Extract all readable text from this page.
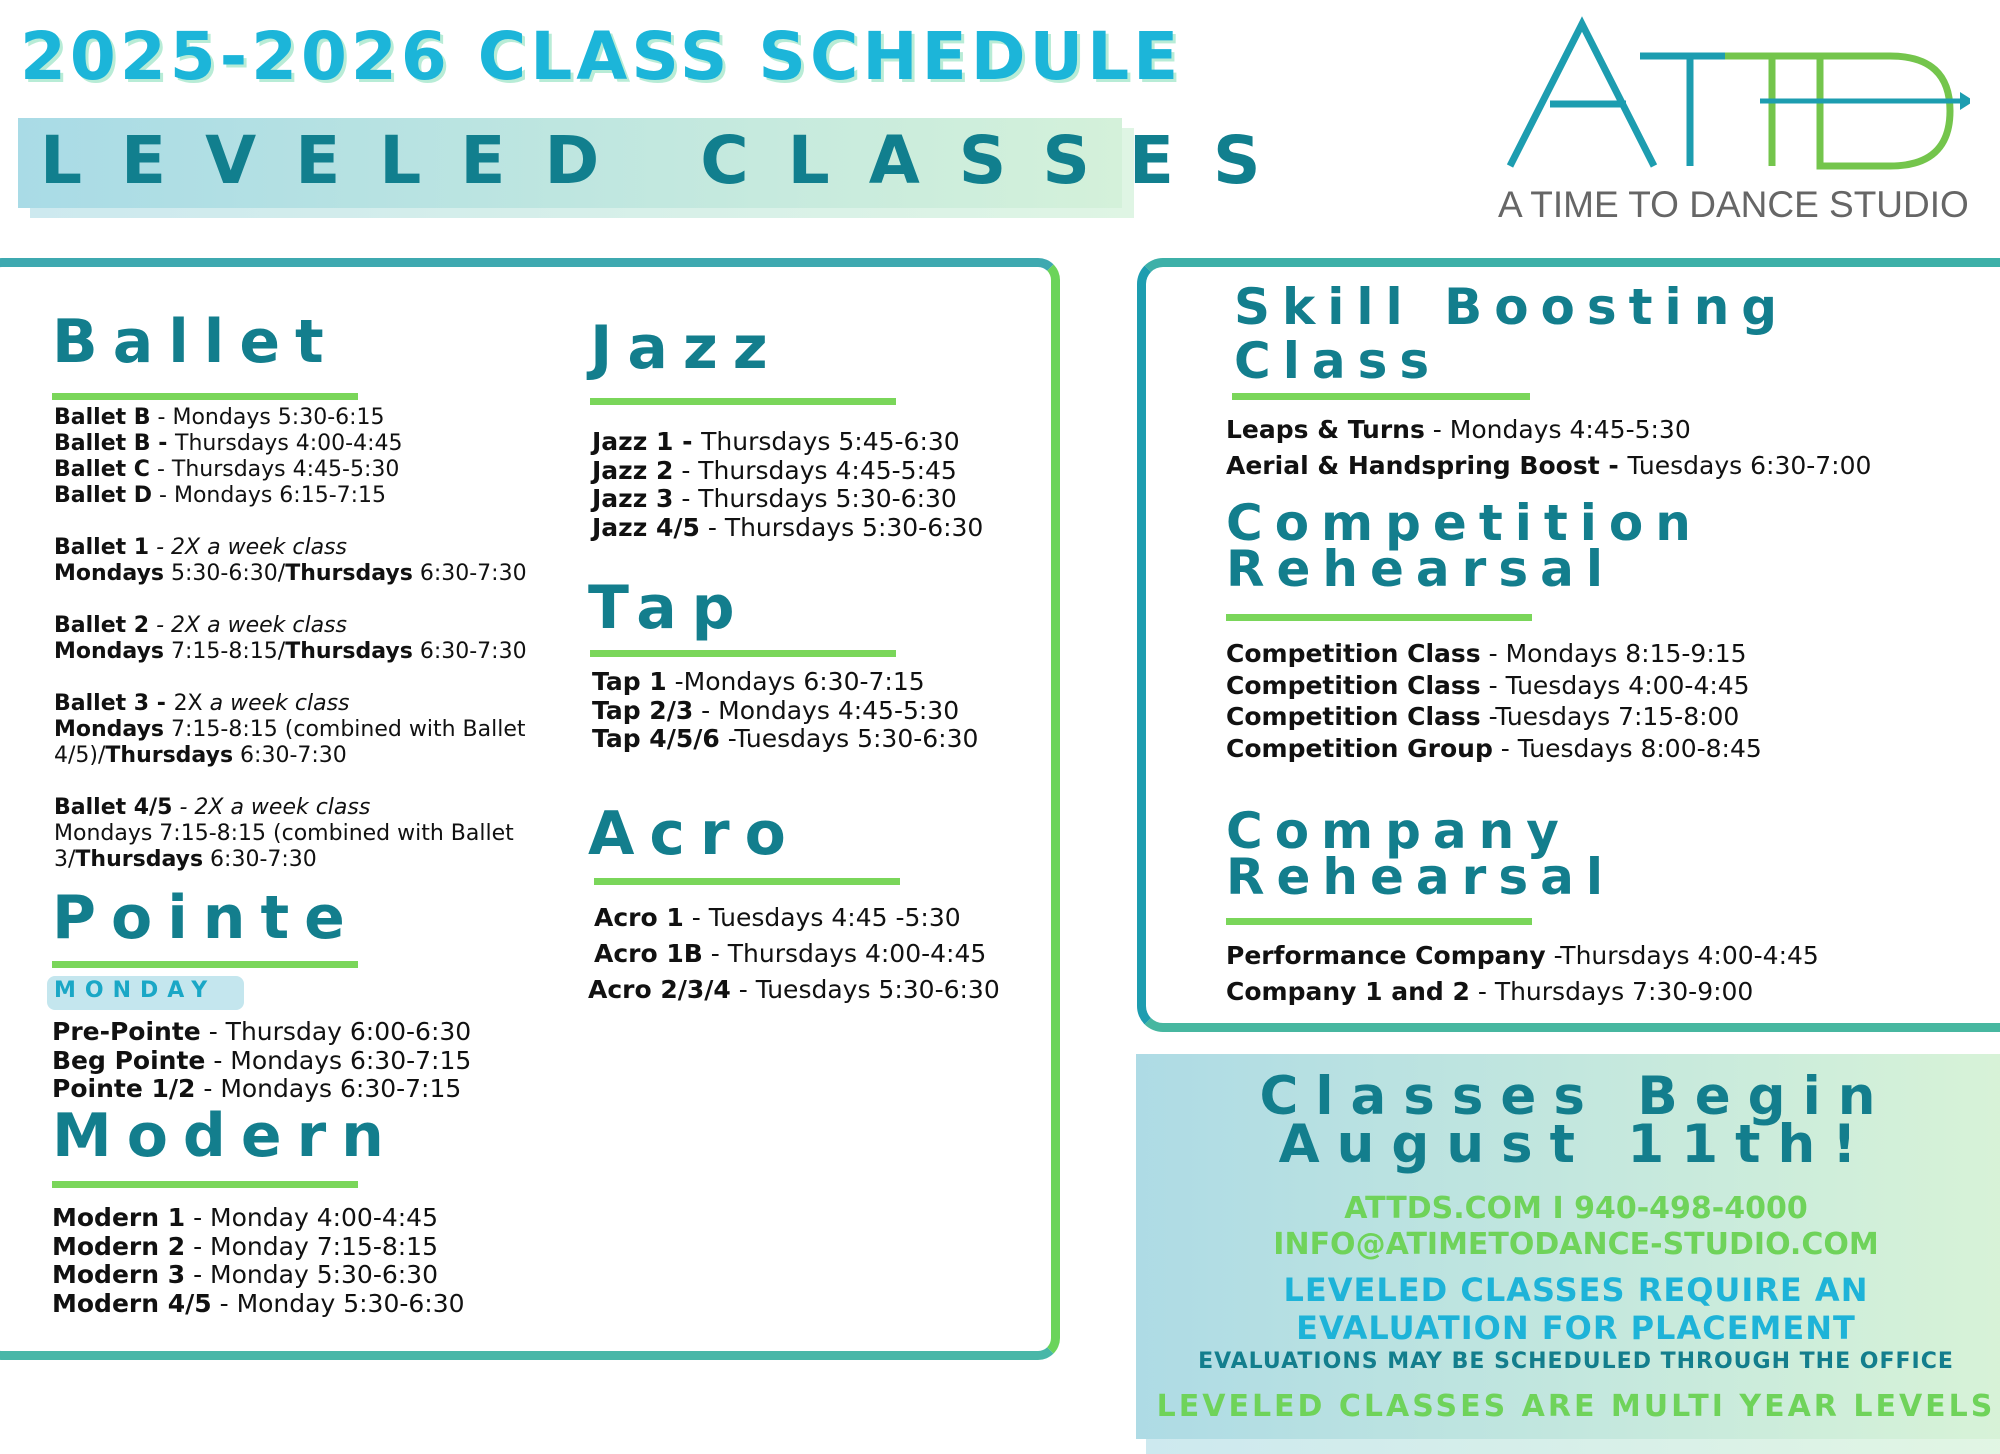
2025-2026 CLASS SCHEDULE
LEVELED CLASSES
A TIME TO DANCE STUDIO
Ballet
Ballet B - Mondays 5:30-6:15
Ballet B - Thursdays 4:00-4:45
Ballet C - Thursdays 4:45-5:30
Ballet D - Mondays 6:15-7:15
Ballet 1 - 2X a week class
Mondays 5:30-6:30/Thursdays 6:30-7:30
Ballet 2 - 2X a week class
Mondays 7:15-8:15/Thursdays 6:30-7:30
Ballet 3 - 2X a week class
Mondays 7:15-8:15 (combined with Ballet
4/5)/Thursdays 6:30-7:30
Ballet 4/5 - 2X a week class
Mondays 7:15-8:15 (combined with Ballet
3/Thursdays 6:30-7:30
Pointe
MONDAY
Pre-Pointe - Thursday 6:00-6:30
Beg Pointe - Mondays 6:30-7:15
Pointe 1/2 - Mondays 6:30-7:15
Modern
Modern 1 - Monday 4:00-4:45
Modern 2 - Monday 7:15-8:15
Modern 3 - Monday 5:30-6:30
Modern 4/5 - Monday 5:30-6:30
Jazz
Jazz 1 - Thursdays 5:45-6:30
Jazz 2 - Thursdays 4:45-5:45
Jazz 3 - Thursdays 5:30-6:30
Jazz 4/5 - Thursdays 5:30-6:30
Tap
Tap 1 -Mondays 6:30-7:15
Tap 2/3 - Mondays 4:45-5:30
Tap 4/5/6 -Tuesdays 5:30-6:30
Acro
Acro 1 - Tuesdays 4:45 -5:30
Acro 1B - Thursdays 4:00-4:45
Acro 2/3/4 - Tuesdays 5:30-6:30
Skill Boosting
Class
Leaps & Turns - Mondays 4:45-5:30
Aerial & Handspring Boost - Tuesdays 6:30-7:00
Competition
Rehearsal
Competition Class - Mondays 8:15-9:15
Competition Class - Tuesdays 4:00-4:45
Competition Class -Tuesdays 7:15-8:00
Competition Group - Tuesdays 8:00-8:45
Company
Rehearsal
Performance Company -Thursdays 4:00-4:45
Company 1 and 2 - Thursdays 7:30-9:00
Classes Begin
August 11th!
ATTDS.COM I 940-498-4000
INFO@ATIMETODANCE-STUDIO.COM
LEVELED CLASSES REQUIRE AN
EVALUATION FOR PLACEMENT
EVALUATIONS MAY BE SCHEDULED THROUGH THE OFFICE
LEVELED CLASSES ARE MULTI YEAR LEVELS
